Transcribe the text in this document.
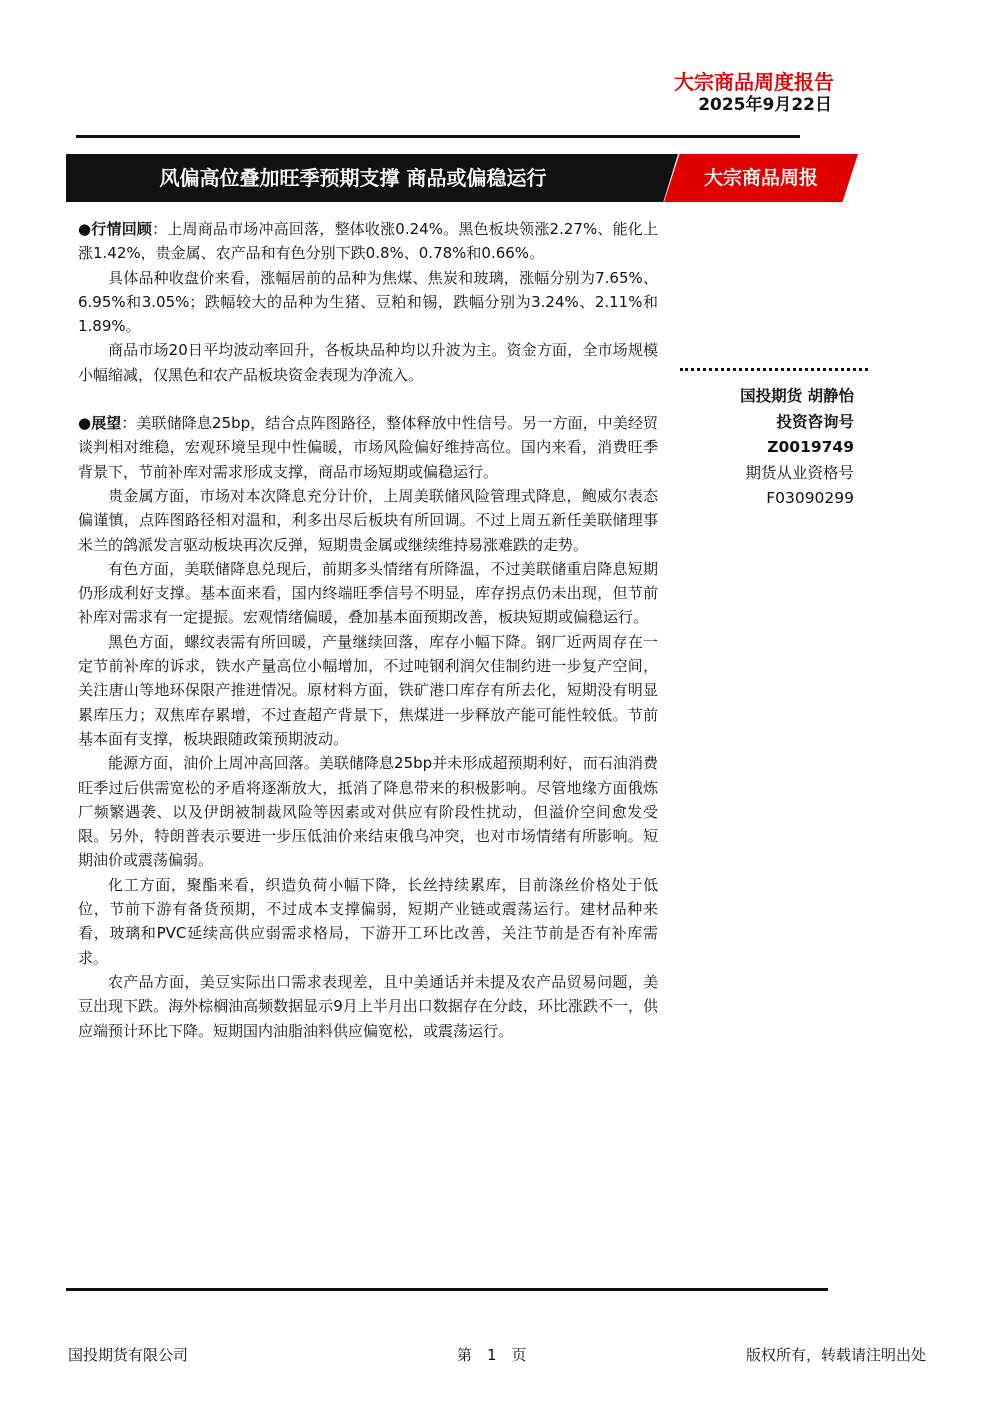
大宗商品周度报告
2025年9月22日
风偏高位叠加旺季预期支撑 商品或偏稳运行	大宗商品周报

●行情回顾：上周商品市场冲高回落，整体收涨0.24%。黑色板块领涨2.27%、能化上涨1.42%，贵金属、农产品和有色分别下跌0.8%、0.78%和0.66%。

具体品种收盘价来看，涨幅居前的品种为焦煤、焦炭和玻璃，涨幅分别为7.65%、6.95%和3.05%；跌幅较大的品种为生猪、豆粕和锡，跌幅分别为3.24%、2.11%和1.89%。

商品市场20日平均波动率回升，各板块品种均以升波为主。资金方面，全市场规模小幅缩减，仅黑色和农产品板块资金表现为净流入。

●展望：美联储降息25bp，结合点阵图路径，整体释放中性信号。另一方面，中美经贸谈判相对维稳，宏观环境呈现中性偏暖，市场风险偏好维持高位。国内来看，消费旺季背景下，节前补库对需求形成支撑，商品市场短期或偏稳运行。

贵金属方面，市场对本次降息充分计价，上周美联储风险管理式降息，鲍威尔表态偏谨慎，点阵图路径相对温和，利多出尽后板块有所回调。不过上周五新任美联储理事米兰的鸽派发言驱动板块再次反弹，短期贵金属或继续维持易涨难跌的走势。

有色方面，美联储降息兑现后，前期多头情绪有所降温，不过美联储重启降息短期仍形成利好支撑。基本面来看，国内终端旺季信号不明显，库存拐点仍未出现，但节前补库对需求有一定提振。宏观情绪偏暖，叠加基本面预期改善，板块短期或偏稳运行。

黑色方面，螺纹表需有所回暖，产量继续回落，库存小幅下降。钢厂近两周存在一定节前补库的诉求，铁水产量高位小幅增加，不过吨钢利润欠佳制约进一步复产空间，关注唐山等地环保限产推进情况。原材料方面，铁矿港口库存有所去化，短期没有明显累库压力；双焦库存累增，不过查超产背景下，焦煤进一步释放产能可能性较低。节前基本面有支撑，板块跟随政策预期波动。

能源方面，油价上周冲高回落。美联储降息25bp并未形成超预期利好，而石油消费旺季过后供需宽松的矛盾将逐渐放大，抵消了降息带来的积极影响。尽管地缘方面俄炼厂频繁遇袭、以及伊朗被制裁风险等因素或对供应有阶段性扰动，但溢价空间愈发受限。另外，特朗普表示要进一步压低油价来结束俄乌冲突，也对市场情绪有所影响。短期油价或震荡偏弱。

化工方面，聚酯来看，织造负荷小幅下降，长丝持续累库，目前涤丝价格处于低位，节前下游有备货预期，不过成本支撑偏弱，短期产业链或震荡运行。建材品种来看，玻璃和PVC延续高供应弱需求格局，下游开工环比改善，关注节前是否有补库需求。

农产品方面，美豆实际出口需求表现差，且中美通话并未提及农产品贸易问题，美豆出现下跌。海外棕榈油高频数据显示9月上半月出口数据存在分歧，环比涨跌不一，供应端预计环比下降。短期国内油脂油料供应偏宽松，或震荡运行。

国投期货 胡静怡
投资咨询号
Z0019749
期货从业资格号
F03090299
国投期货有限公司	第　1　页	版权所有，转载请注明出处
